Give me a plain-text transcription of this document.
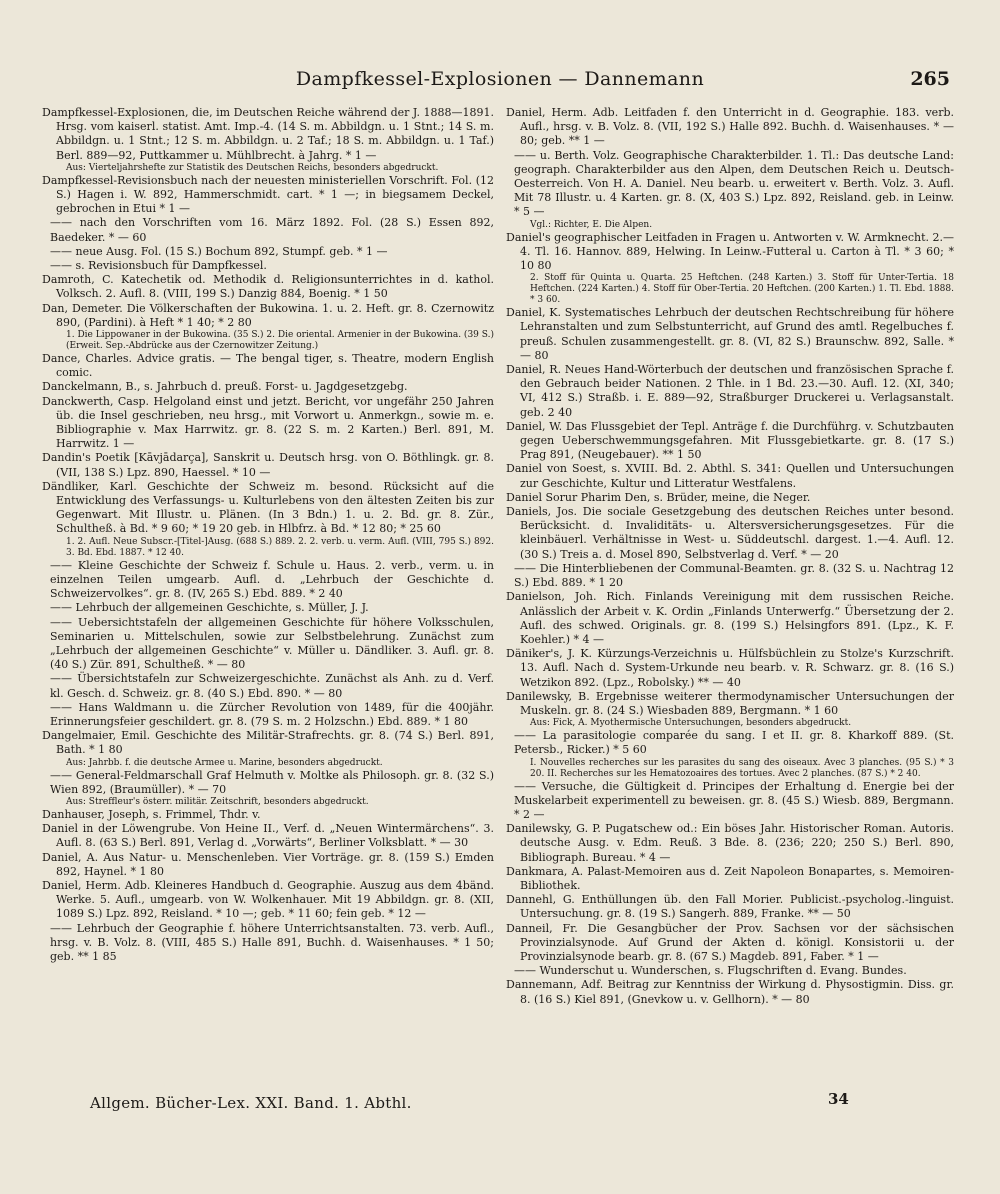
Dampfkessel-Explosionen — Dannemann	265

Dampfkessel-Explosionen, die, im Deutschen Reiche während der J. 1888—1891. Hrsg. vom kaiserl. statist. Amt. Imp.-4. (14 S. m. Abbildgn. u. 1 Stnt.; 14 S. m. Abbildgn. u. 1 Stnt.; 12 S. m. Abbildgn. u. 2 Taf.; 18 S. m. Abbildgn. u. 1 Taf.) Berl. 889—92, Puttkammer u. Mühlbrecht. à Jahrg. * 1 —

Aus: Vierteljahrshefte zur Statistik des Deutschen Reichs, besonders abgedruckt.

Dampfkessel-Revisionsbuch nach der neuesten ministeriellen Vorschrift. Fol. (12 S.) Hagen i. W. 892, Hammerschmidt. cart. * 1 —; in biegsamem Deckel, gebrochen in Etui * 1 —

—— nach den Vorschriften vom 16. März 1892. Fol. (28 S.) Essen 892, Baedeker. * — 60

—— neue Ausg. Fol. (15 S.) Bochum 892, Stumpf. geb. * 1 —

—— s. Revisionsbuch für Dampfkessel.

Damroth, C. Katechetik od. Methodik d. Religionsunterrichtes in d. kathol. Volksch. 2. Aufl. 8. (VIII, 199 S.) Danzig 884, Boenig. * 1 50

Dan, Demeter. Die Völkerschaften der Bukowina. 1. u. 2. Heft. gr. 8. Czernowitz 890, (Pardini). à Heft * 1 40; * 2 80

1. Die Lippowaner in der Bukowina. (35 S.) 2. Die oriental. Armenier in der Bukowina. (39 S.) (Erweit. Sep.-Abdrücke aus der Czernowitzer Zeitung.)

Dance, Charles. Advice gratis. — The bengal tiger, s. Theatre, modern English comic.

Danckelmann, B., s. Jahrbuch d. preuß. Forst- u. Jagdgesetzgebg.

Danckwerth, Casp. Helgoland einst und jetzt. Bericht, vor ungefähr 250 Jahren üb. die Insel geschrieben, neu hrsg., mit Vorwort u. Anmerkgn., sowie m. e. Bibliographie v. Max Harrwitz. gr. 8. (22 S. m. 2 Karten.) Berl. 891, M. Harrwitz. 1 —

Dandin's Poetik [Kāvjādarça], Sanskrit u. Deutsch hrsg. von O. Böthlingk. gr. 8. (VII, 138 S.) Lpz. 890, Haessel. * 10 —

Dändliker, Karl. Geschichte der Schweiz m. besond. Rücksicht auf die Entwicklung des Verfassungs- u. Kulturlebens von den ältesten Zeiten bis zur Gegenwart. Mit Illustr. u. Plänen. (In 3 Bdn.) 1. u. 2. Bd. gr. 8. Zür., Schultheß. à Bd. * 9 60; * 19 20 geb. in Hlbfrz. à Bd. * 12 80; * 25 60

1. 2. Aufl. Neue Subscr.-[Titel-]Ausg. (688 S.) 889. 2. 2. verb. u. verm. Aufl. (VIII, 795 S.) 892. 3. Bd. Ebd. 1887. * 12 40.

—— Kleine Geschichte der Schweiz f. Schule u. Haus. 2. verb., verm. u. in einzelnen Teilen umgearb. Aufl. d. „Lehrbuch der Geschichte d. Schweizervolkes“. gr. 8. (IV, 265 S.) Ebd. 889. * 2 40

—— Lehrbuch der allgemeinen Geschichte, s. Müller, J. J.

—— Uebersichtstafeln der allgemeinen Geschichte für höhere Volksschulen, Seminarien u. Mittelschulen, sowie zur Selbstbelehrung. Zunächst zum „Lehrbuch der allgemeinen Geschichte“ v. Müller u. Dändliker. 3. Aufl. gr. 8. (40 S.) Zür. 891, Schultheß. * — 80

—— Übersichtstafeln zur Schweizergeschichte. Zunächst als Anh. zu d. Verf. kl. Gesch. d. Schweiz. gr. 8. (40 S.) Ebd. 890. * — 80

—— Hans Waldmann u. die Zürcher Revolution von 1489, für die 400jähr. Erinnerungsfeier geschildert. gr. 8. (79 S. m. 2 Holzschn.) Ebd. 889. * 1 80

Dangelmaier, Emil. Geschichte des Militär-Strafrechts. gr. 8. (74 S.) Berl. 891, Bath. * 1 80

Aus: Jahrbb. f. die deutsche Armee u. Marine, besonders abgedruckt.

—— General-Feldmarschall Graf Helmuth v. Moltke als Philosoph. gr. 8. (32 S.) Wien 892, (Braumüller). * — 70

Aus: Streffleur's österr. militär. Zeitschrift, besonders abgedruckt.

Danhauser, Joseph, s. Frimmel, Thdr. v.

Daniel in der Löwengrube. Von Heine II., Verf. d. „Neuen Wintermärchens“. 3. Aufl. 8. (63 S.) Berl. 891, Verlag d. „Vorwärts“, Berliner Volksblatt. * — 30

Daniel, A. Aus Natur- u. Menschenleben. Vier Vorträge. gr. 8. (159 S.) Emden 892, Haynel. * 1 80

Daniel, Herm. Adb. Kleineres Handbuch d. Geographie. Auszug aus dem 4bänd. Werke. 5. Aufl., umgearb. von W. Wolkenhauer. Mit 19 Abbildgn. gr. 8. (XII, 1089 S.) Lpz. 892, Reisland. * 10 —; geb. * 11 60; fein geb. * 12 —

—— Lehrbuch der Geographie f. höhere Unterrichtsanstalten. 73. verb. Aufl., hrsg. v. B. Volz. 8. (VIII, 485 S.) Halle 891, Buchh. d. Waisenhauses. * 1 50; geb. ** 1 85

Daniel, Herm. Adb. Leitfaden f. den Unterricht in d. Geographie. 183. verb. Aufl., hrsg. v. B. Volz. 8. (VII, 192 S.) Halle 892. Buchh. d. Waisenhauses. * — 80; geb. ** 1 —

—— u. Berth. Volz. Geographische Charakterbilder. 1. Tl.: Das deutsche Land: geograph. Charakterbilder aus den Alpen, dem Deutschen Reich u. Deutsch-Oesterreich. Von H. A. Daniel. Neu bearb. u. erweitert v. Berth. Volz. 3. Aufl. Mit 78 Illustr. u. 4 Karten. gr. 8. (X, 403 S.) Lpz. 892, Reisland. geb. in Leinw. * 5 —

Vgl.: Richter, E. Die Alpen.

Daniel's geographischer Leitfaden in Fragen u. Antworten v. W. Armknecht. 2.—4. Tl. 16. Hannov. 889, Helwing. In Leinw.-Futteral u. Carton à Tl. * 3 60; * 10 80

2. Stoff für Quinta u. Quarta. 25 Heftchen. (248 Karten.) 3. Stoff für Unter-Tertia. 18 Heftchen. (224 Karten.) 4. Stoff für Ober-Tertia. 20 Heftchen. (200 Karten.) 1. Tl. Ebd. 1888. * 3 60.

Daniel, K. Systematisches Lehrbuch der deutschen Rechtschreibung für höhere Lehranstalten und zum Selbstunterricht, auf Grund des amtl. Regelbuches f. preuß. Schulen zusammengestellt. gr. 8. (VI, 82 S.) Braunschw. 892, Salle. * — 80

Daniel, R. Neues Hand-Wörterbuch der deutschen und französischen Sprache f. den Gebrauch beider Nationen. 2 Thle. in 1 Bd. 23.—30. Aufl. 12. (XI, 340; VI, 412 S.) Straßb. i. E. 889—92, Straßburger Druckerei u. Verlagsanstalt. geb. 2 40

Daniel, W. Das Flussgebiet der Tepl. Anträge f. die Durchführg. v. Schutzbauten gegen Ueberschwemmungsgefahren. Mit Flussgebietkarte. gr. 8. (17 S.) Prag 891, (Neugebauer). ** 1 50

Daniel von Soest, s. XVIII. Bd. 2. Abthl. S. 341: Quellen und Untersuchungen zur Geschichte, Kultur und Litteratur Westfalens.

Daniel Sorur Pharim Den, s. Brüder, meine, die Neger.

Daniels, Jos. Die sociale Gesetzgebung des deutschen Reiches unter besond. Berücksicht. d. Invaliditäts- u. Altersversicherungsgesetzes. Für die kleinbäuerl. Verhältnisse in West- u. Süddeutschl. dargest. 1.—4. Aufl. 12. (30 S.) Treis a. d. Mosel 890, Selbstverlag d. Verf. * — 20

—— Die Hinterbliebenen der Communal-Beamten. gr. 8. (32 S. u. Nachtrag 12 S.) Ebd. 889. * 1 20

Danielson, Joh. Rich. Finlands Vereinigung mit dem russischen Reiche. Anlässlich der Arbeit v. K. Ordin „Finlands Unterwerfg.“ Übersetzung der 2. Aufl. des schwed. Originals. gr. 8. (199 S.) Helsingfors 891. (Lpz., K. F. Koehler.) * 4 —

Däniker's, J. K. Kürzungs-Verzeichnis u. Hülfsbüchlein zu Stolze's Kurzschrift. 13. Aufl. Nach d. System-Urkunde neu bearb. v. R. Schwarz. gr. 8. (16 S.) Wetzikon 892. (Lpz., Robolsky.) ** — 40

Danilewsky, B. Ergebnisse weiterer thermodynamischer Untersuchungen der Muskeln. gr. 8. (24 S.) Wiesbaden 889, Bergmann. * 1 60

Aus: Fick, A. Myothermische Untersuchungen, besonders abgedruckt.

—— La parasitologie comparée du sang. I et II. gr. 8. Kharkoff 889. (St. Petersb., Ricker.) * 5 60

I. Nouvelles recherches sur les parasites du sang des oiseaux. Avec 3 planches. (95 S.) * 3 20. II. Recherches sur les Hematozoaires des tortues. Avec 2 planches. (87 S.) * 2 40.

—— Versuche, die Gültigkeit d. Principes der Erhaltung d. Energie bei der Muskelarbeit experimentell zu beweisen. gr. 8. (45 S.) Wiesb. 889, Bergmann. * 2 —

Danilewsky, G. P. Pugatschew od.: Ein böses Jahr. Historischer Roman. Autoris. deutsche Ausg. v. Edm. Reuß. 3 Bde. 8. (236; 220; 250 S.) Berl. 890, Bibliograph. Bureau. * 4 —

Dankmara, A. Palast-Memoiren aus d. Zeit Napoleon Bonapartes, s. Memoiren-Bibliothek.

Dannehl, G. Enthüllungen üb. den Fall Morier. Publicist.-psycholog.-linguist. Untersuchung. gr. 8. (19 S.) Sangerh. 889, Franke. ** — 50

Danneil, Fr. Die Gesangbücher der Prov. Sachsen vor der sächsischen Provinzialsynode. Auf Grund der Akten d. königl. Konsistorii u. der Provinzialsynode bearb. gr. 8. (67 S.) Magdeb. 891, Faber. * 1 —

—— Wunderschut u. Wunderschen, s. Flugschriften d. Evang. Bundes.

Dannemann, Adf. Beitrag zur Kenntniss der Wirkung d. Physostigmin. Diss. gr. 8. (16 S.) Kiel 891, (Gnevkow u. v. Gellhorn). * — 80

Allgem. Bücher-Lex. XXI. Band. 1. Abthl.	34
